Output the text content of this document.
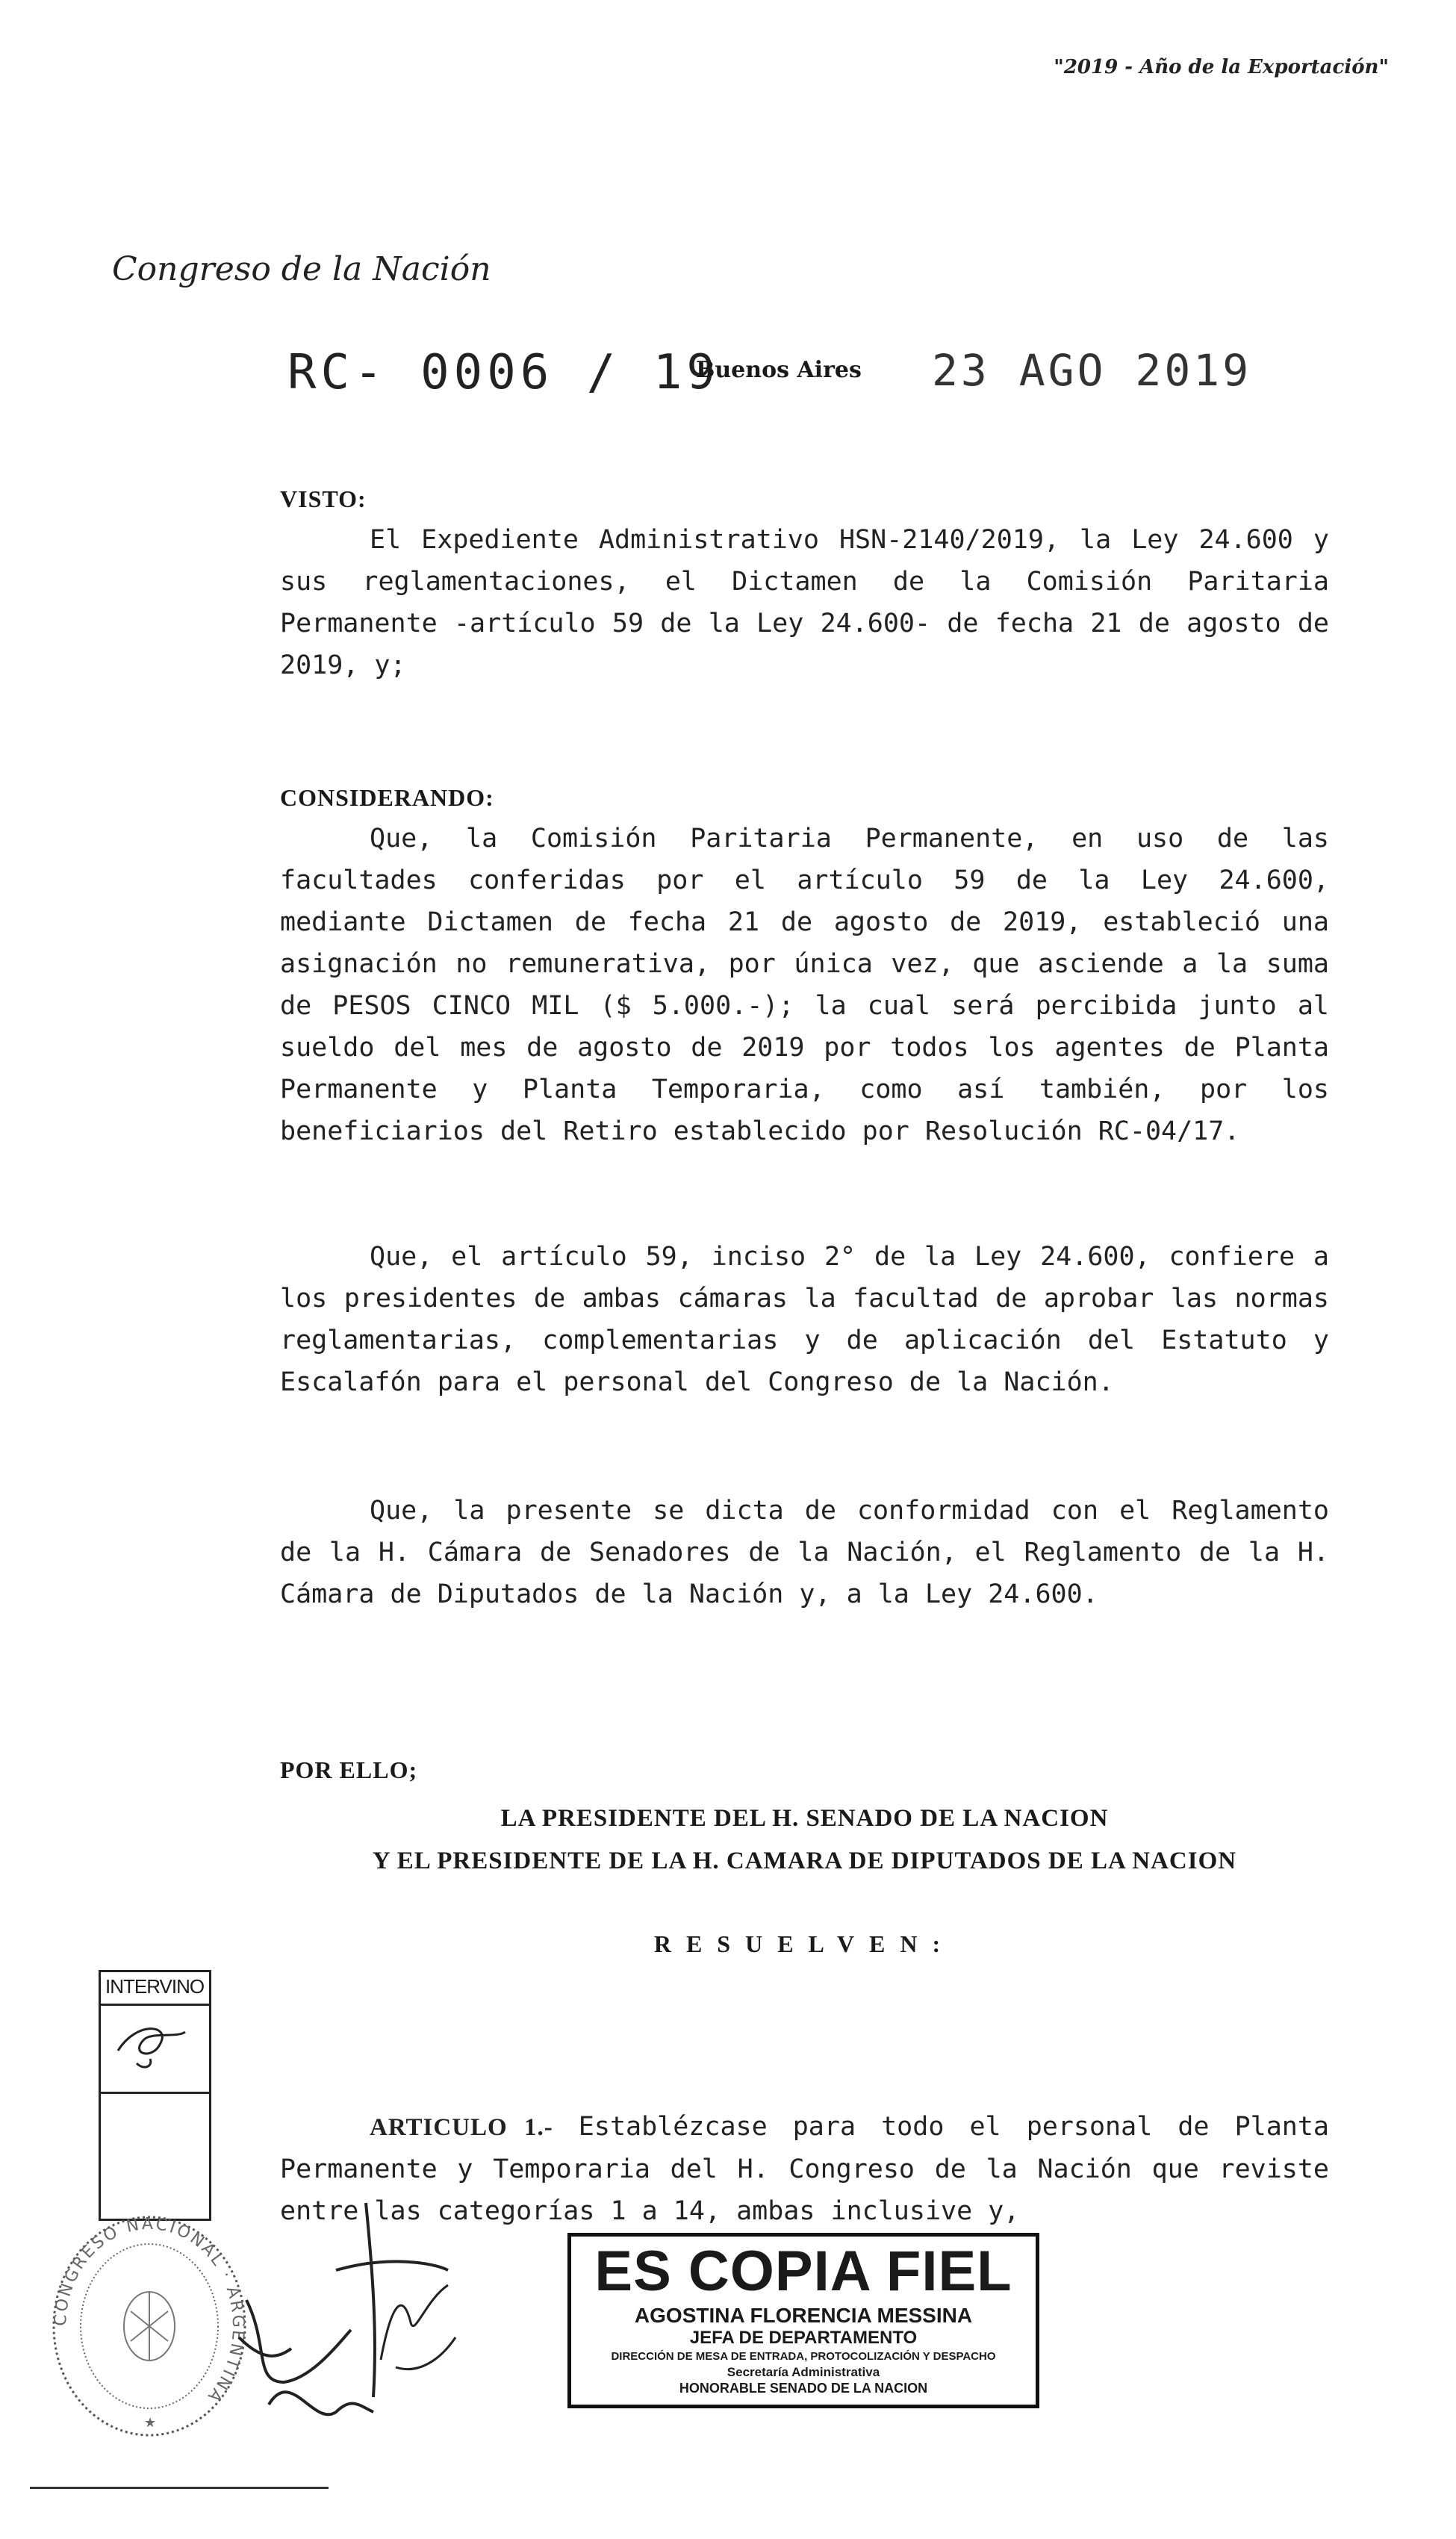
"2019 - Año de la Exportación"
Congreso de la Nación
RC- 0006 / 19
Buenos Aires 23 AGO 2019
VISTO:
El Expediente Administrativo HSN-2140/2019, la Ley 24.600 y sus reglamentaciones, el Dictamen de la Comisión Paritaria Permanente -artículo 59 de la Ley 24.600- de fecha 21 de agosto de 2019, y;
CONSIDERANDO:
Que, la Comisión Paritaria Permanente, en uso de las facultades conferidas por el artículo 59 de la Ley 24.600, mediante Dictamen de fecha 21 de agosto de 2019, estableció una asignación no remunerativa, por única vez, que asciende a la suma de PESOS CINCO MIL ($ 5.000.-); la cual será percibida junto al sueldo del mes de agosto de 2019 por todos los agentes de Planta Permanente y Planta Temporaria, como así también, por los beneficiarios del Retiro establecido por Resolución RC-04/17.
Que, el artículo 59, inciso 2° de la Ley 24.600, confiere a los presidentes de ambas cámaras la facultad de aprobar las normas reglamentarias, complementarias y de aplicación del Estatuto y Escalafón para el personal del Congreso de la Nación.
Que, la presente se dicta de conformidad con el Reglamento de la H. Cámara de Senadores de la Nación, el Reglamento de la H. Cámara de Diputados de la Nación y, a la Ley 24.600.
POR ELLO;
LA PRESIDENTE DEL H. SENADO DE LA NACION
Y EL PRESIDENTE DE LA H. CAMARA DE DIPUTADOS DE LA NACION
RESUELVEN:
INTERVINO
ARTICULO 1.- Establézcase para todo el personal de Planta Permanente y Temporaria del H. Congreso de la Nación que reviste entre las categorías 1 a 14, ambas inclusive y,
CONGRESO NACIONAL · ARGENTINA
★
ES COPIA FIEL
AGOSTINA FLORENCIA MESSINA
JEFA DE DEPARTAMENTO
DIRECCIÓN DE MESA DE ENTRADA, PROTOCOLIZACIÓN Y DESPACHO
Secretaría Administrativa
HONORABLE SENADO DE LA NACION
